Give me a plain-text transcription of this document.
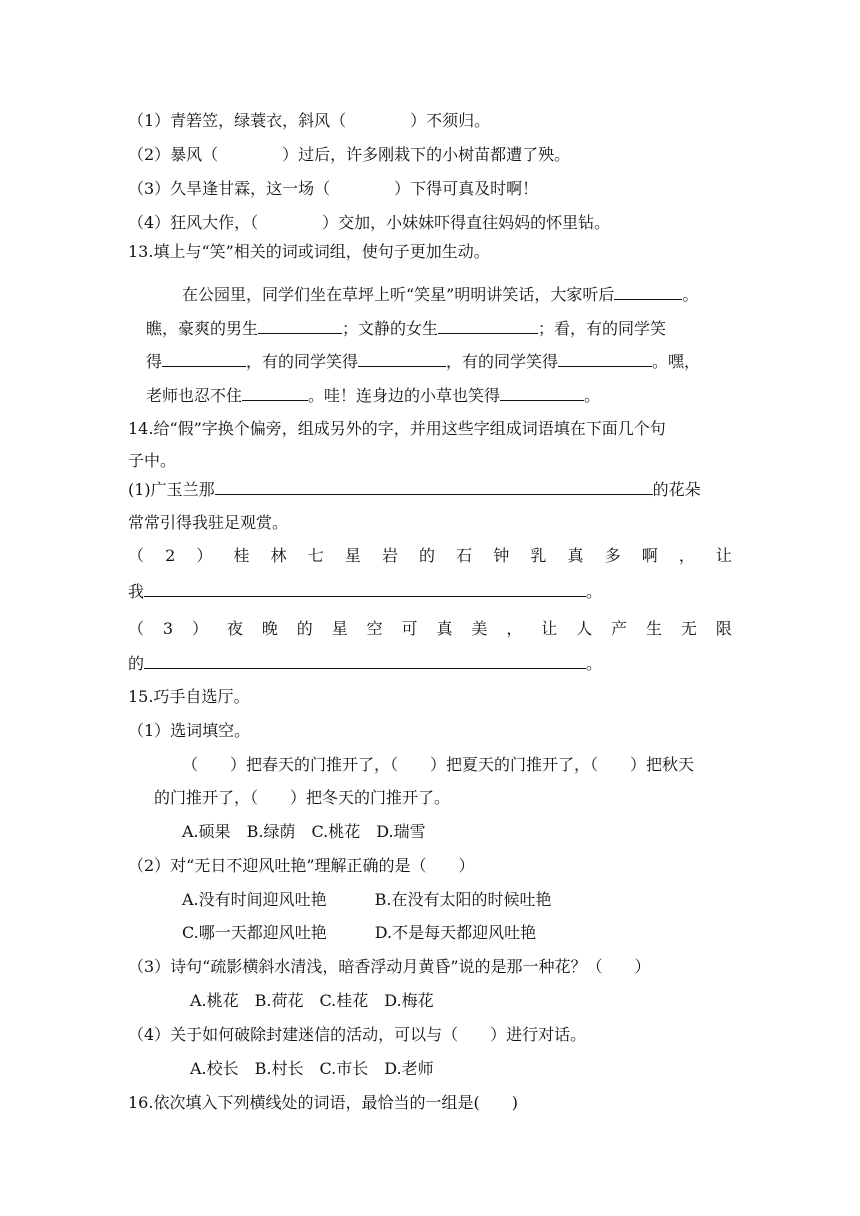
（1）青箬笠，绿蓑衣，斜风（　　　　）不须归。
（2）暴风（　　　　）过后，许多刚栽下的小树苗都遭了殃。
（3）久旱逢甘霖，这一场（　　　　）下得可真及时啊！
（4）狂风大作，（　　　　）交加，小妹妹吓得直往妈妈的怀里钻。
13.填上与“笑”相关的词或词组，使句子更加生动。
在公园里，同学们坐在草坪上听“笑星”明明讲笑话，大家听后	。
瞧，豪爽的男生	；文静的女生	；看，有的同学笑
得	，有的同学笑得	，有的同学笑得	。嘿，
老师也忍不住	。哇！连身边的小草也笑得	。
14.给“假”字换个偏旁，组成另外的字，并用这些字组成词语填在下面几个句
子中。
(1)广玉兰那	的花朵
常常引得我驻足观赏。
（ 2 ） 桂 林 七 星 岩 的 石 钟 乳 真 多 啊 ， 让
我	。
（ 3 ） 夜 晚 的 星 空 可 真 美 ， 让 人 产 生 无 限
的	。
15.巧手自选厅。
（1）选词填空。
（　　）把春天的门推开了，（　　）把夏天的门推开了，（　　）把秋天
的门推开了，（　　）把冬天的门推开了。
A.硕果　B.绿荫　C.桃花　D.瑞雪
（2）对“无日不迎风吐艳”理解正确的是（　　）
A.没有时间迎风吐艳　　　B.在没有太阳的时候吐艳
C.哪一天都迎风吐艳　　　D.不是每天都迎风吐艳
（3）诗句“疏影横斜水清浅，暗香浮动月黄昏”说的是那一种花？（　　）
A.桃花　B.荷花　C.桂花　D.梅花
（4）关于如何破除封建迷信的活动，可以与（　　）进行对话。
A.校长　B.村长　C.市长　D.老师
16.依次填入下列横线处的词语，最恰当的一组是(　　)
